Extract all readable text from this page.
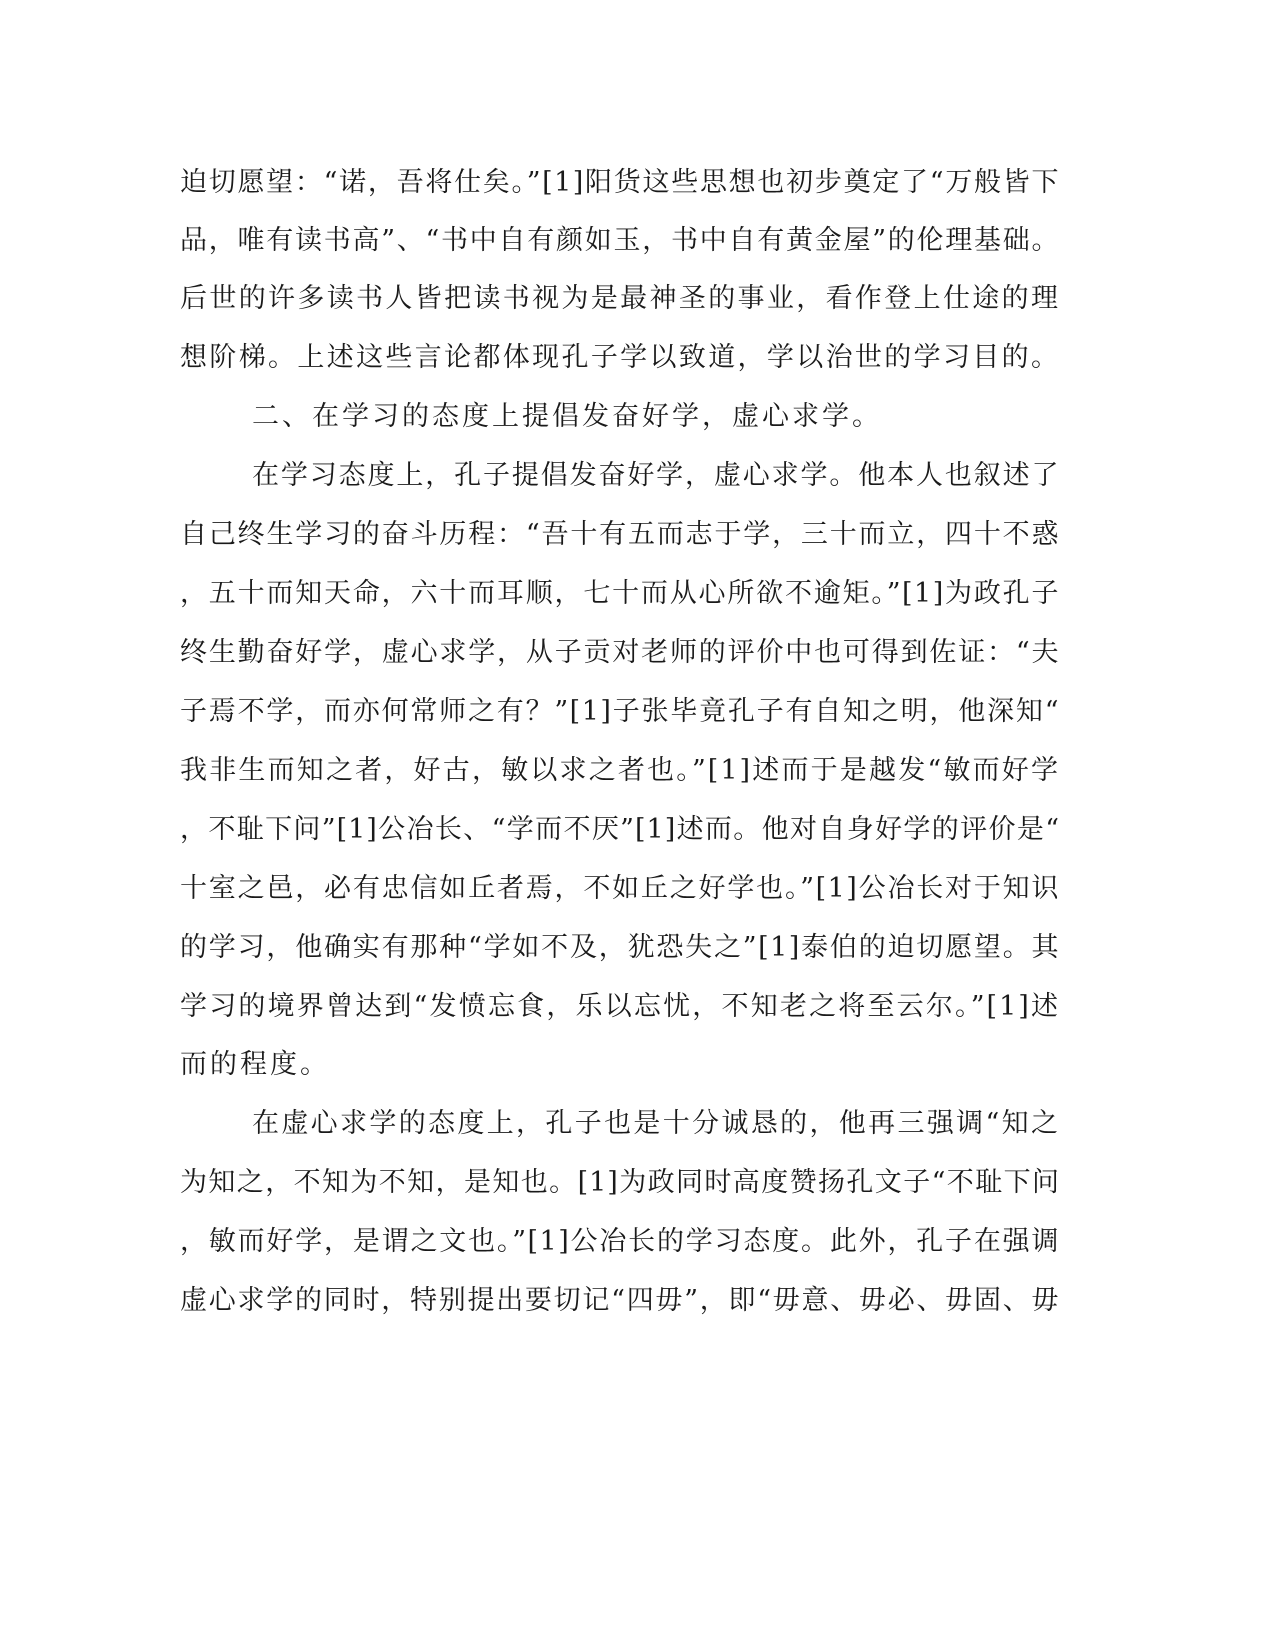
迫切愿望：“诺，吾将仕矣。”[1]阳货这些思想也初步奠定了“万般皆下
品，唯有读书高”、“书中自有颜如玉，书中自有黄金屋”的伦理基础。
后世的许多读书人皆把读书视为是最神圣的事业，看作登上仕途的理
想阶梯。上述这些言论都体现孔子学以致道，学以治世的学习目的。
二、在学习的态度上提倡发奋好学，虚心求学。
在学习态度上，孔子提倡发奋好学，虚心求学。他本人也叙述了
自己终生学习的奋斗历程：“吾十有五而志于学，三十而立，四十不惑
，五十而知天命，六十而耳顺，七十而从心所欲不逾矩。”[1]为政孔子
终生勤奋好学，虚心求学，从子贡对老师的评价中也可得到佐证：“夫
子焉不学，而亦何常师之有？”[1]子张毕竟孔子有自知之明，他深知“
我非生而知之者，好古，敏以求之者也。”[1]述而于是越发“敏而好学
，不耻下问”[1]公冶长、“学而不厌”[1]述而。他对自身好学的评价是“
十室之邑，必有忠信如丘者焉，不如丘之好学也。”[1]公冶长对于知识
的学习，他确实有那种“学如不及，犹恐失之”[1]泰伯的迫切愿望。其
学习的境界曾达到“发愤忘食，乐以忘忧，不知老之将至云尔。”[1]述
而的程度。
在虚心求学的态度上，孔子也是十分诚恳的，他再三强调“知之
为知之，不知为不知，是知也。[1]为政同时高度赞扬孔文子“不耻下问
，敏而好学，是谓之文也。”[1]公冶长的学习态度。此外，孔子在强调
虚心求学的同时，特别提出要切记“四毋”，即“毋意、毋必、毋固、毋
